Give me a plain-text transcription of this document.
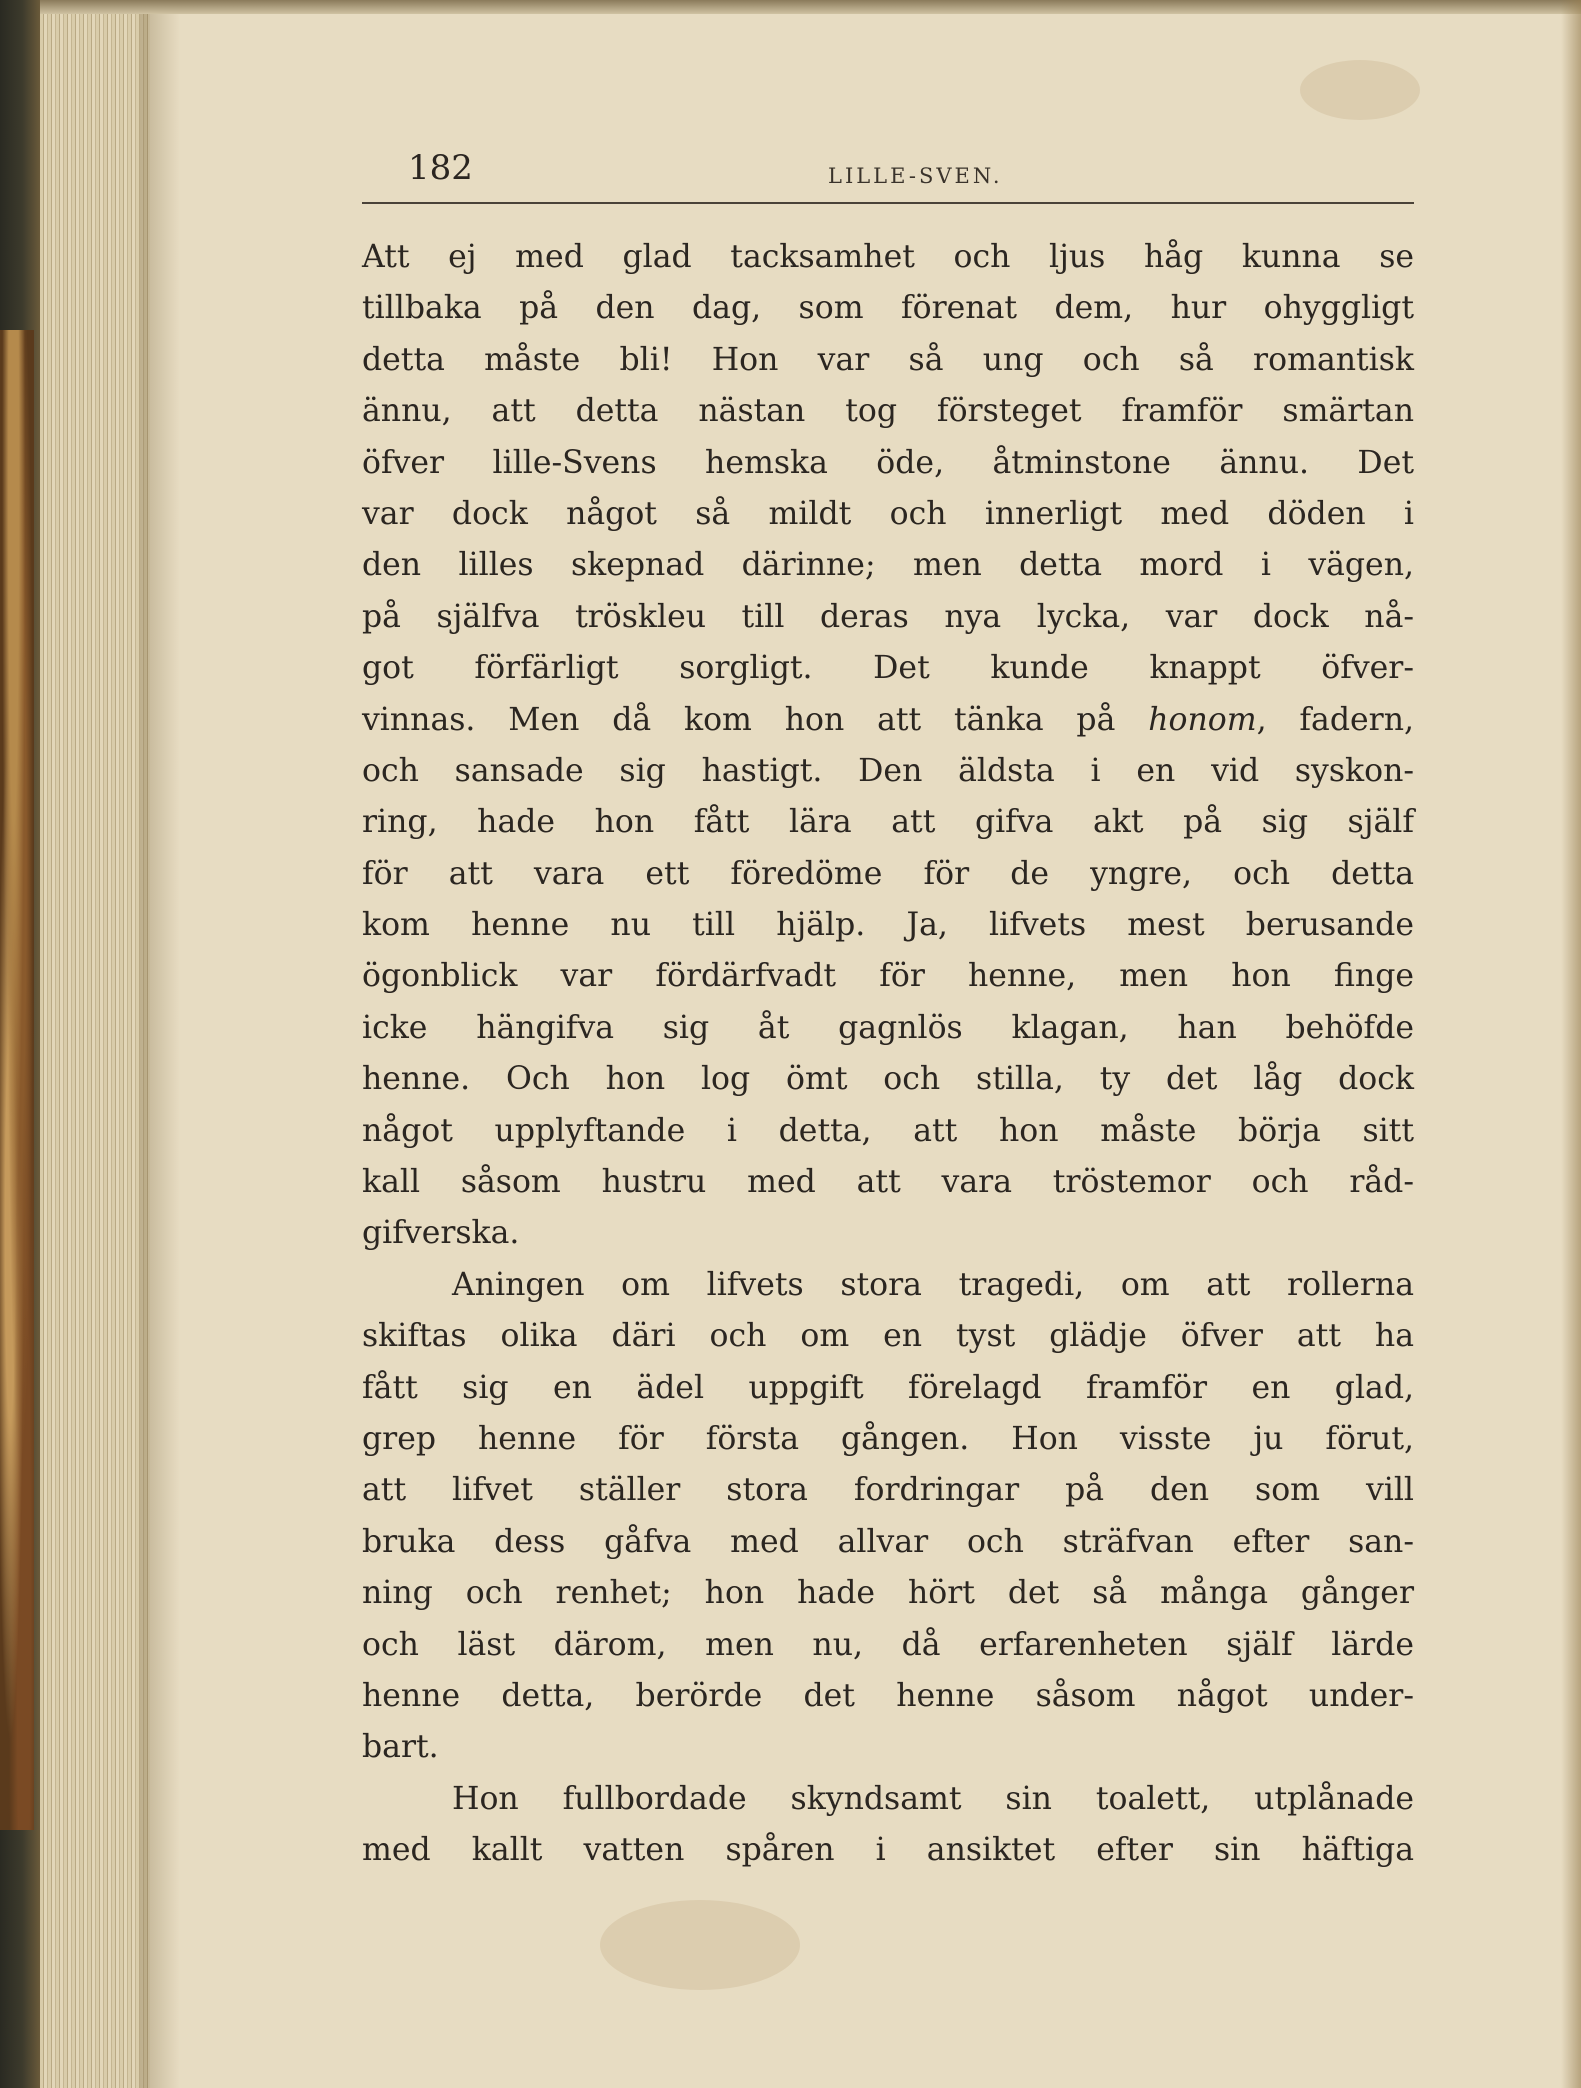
182	LILLE-SVEN.
Att ej med glad tacksamhet och ljus håg kunna se
tillbaka på den dag, som förenat dem, hur ohyggligt
detta måste bli! Hon var så ung och så romantisk
ännu, att detta nästan tog försteget framför smärtan
öfver lille-Svens hemska öde, åtminstone ännu. Det
var dock något så mildt och innerligt med döden i
den lilles skepnad därinne; men detta mord i vägen,
på själfva tröskleu till deras nya lycka, var dock nå-
got förfärligt sorgligt. Det kunde knappt öfver-
vinnas. Men då kom hon att tänka på honom, fadern,
och sansade sig hastigt. Den äldsta i en vid syskon-
ring, hade hon fått lära att gifva akt på sig själf
för att vara ett föredöme för de yngre, och detta
kom henne nu till hjälp. Ja, lifvets mest berusande
ögonblick var fördärfvadt för henne, men hon finge
icke hängifva sig åt gagnlös klagan, han behöfde
henne. Och hon log ömt och stilla, ty det låg dock
något upplyftande i detta, att hon måste börja sitt
kall såsom hustru med att vara tröstemor och råd-
gifverska.
Aningen om lifvets stora tragedi, om att rollerna
skiftas olika däri och om en tyst glädje öfver att ha
fått sig en ädel uppgift förelagd framför en glad,
grep henne för första gången. Hon visste ju förut,
att lifvet ställer stora fordringar på den som vill
bruka dess gåfva med allvar och sträfvan efter san-
ning och renhet; hon hade hört det så många gånger
och läst därom, men nu, då erfarenheten själf lärde
henne detta, berörde det henne såsom något under-
bart.
Hon fullbordade skyndsamt sin toalett, utplånade
med kallt vatten spåren i ansiktet efter sin häftiga
